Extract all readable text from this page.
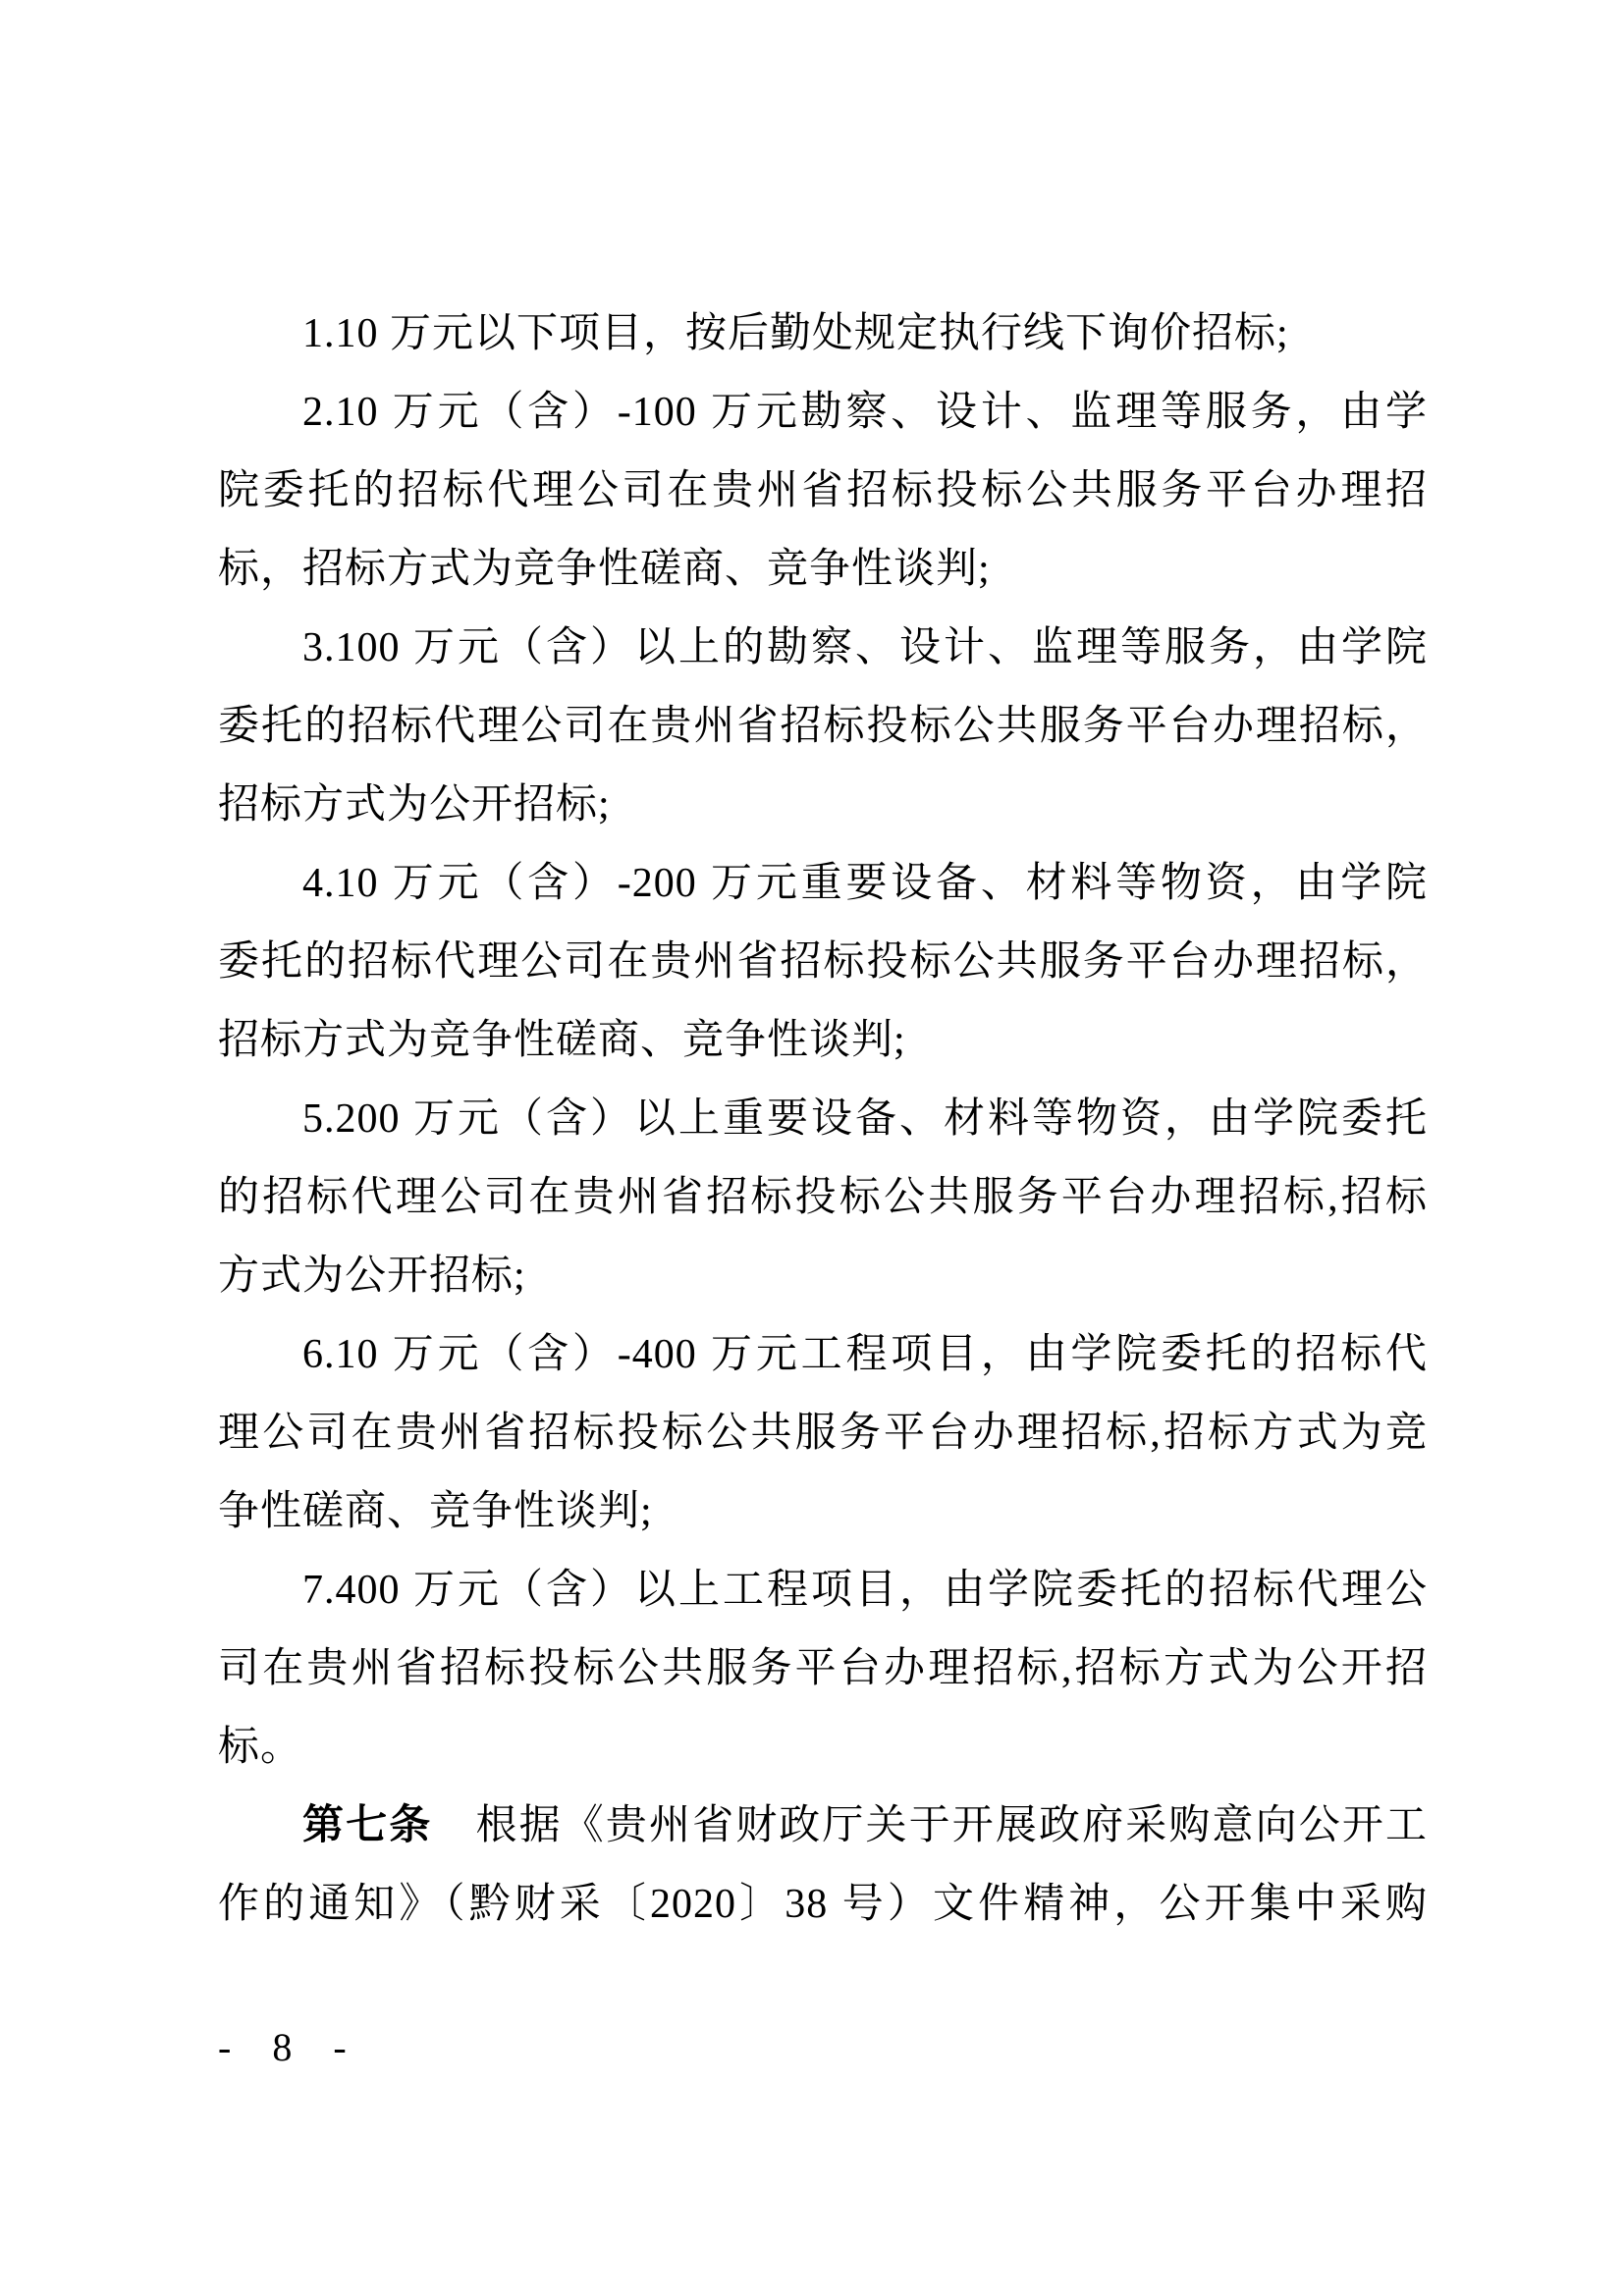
1.10 万元以下项目，按后勤处规定执行线下询价招标;
2.10 万元（含）-100 万元勘察、设计、监理等服务，由学
院委托的招标代理公司在贵州省招标投标公共服务平台办理招
标，招标方式为竞争性磋商、竞争性谈判;
3.100 万元（含）以上的勘察、设计、监理等服务，由学院
委托的招标代理公司在贵州省招标投标公共服务平台办理招标，
招标方式为公开招标;
4.10 万元（含）-200 万元重要设备、材料等物资，由学院
委托的招标代理公司在贵州省招标投标公共服务平台办理招标，
招标方式为竞争性磋商、竞争性谈判;
5.200 万元（含）以上重要设备、材料等物资，由学院委托
的招标代理公司在贵州省招标投标公共服务平台办理招标,招标
方式为公开招标;
6.10 万元（含）-400 万元工程项目，由学院委托的招标代
理公司在贵州省招标投标公共服务平台办理招标,招标方式为竞
争性磋商、竞争性谈判;
7.400 万元（含）以上工程项目，由学院委托的招标代理公
司在贵州省招标投标公共服务平台办理招标,招标方式为公开招
标。
第七条　根据《贵州省财政厅关于开展政府采购意向公开工
作的通知》（黔财采〔2020〕38 号）文件精神，公开集中采购
- 8 -
